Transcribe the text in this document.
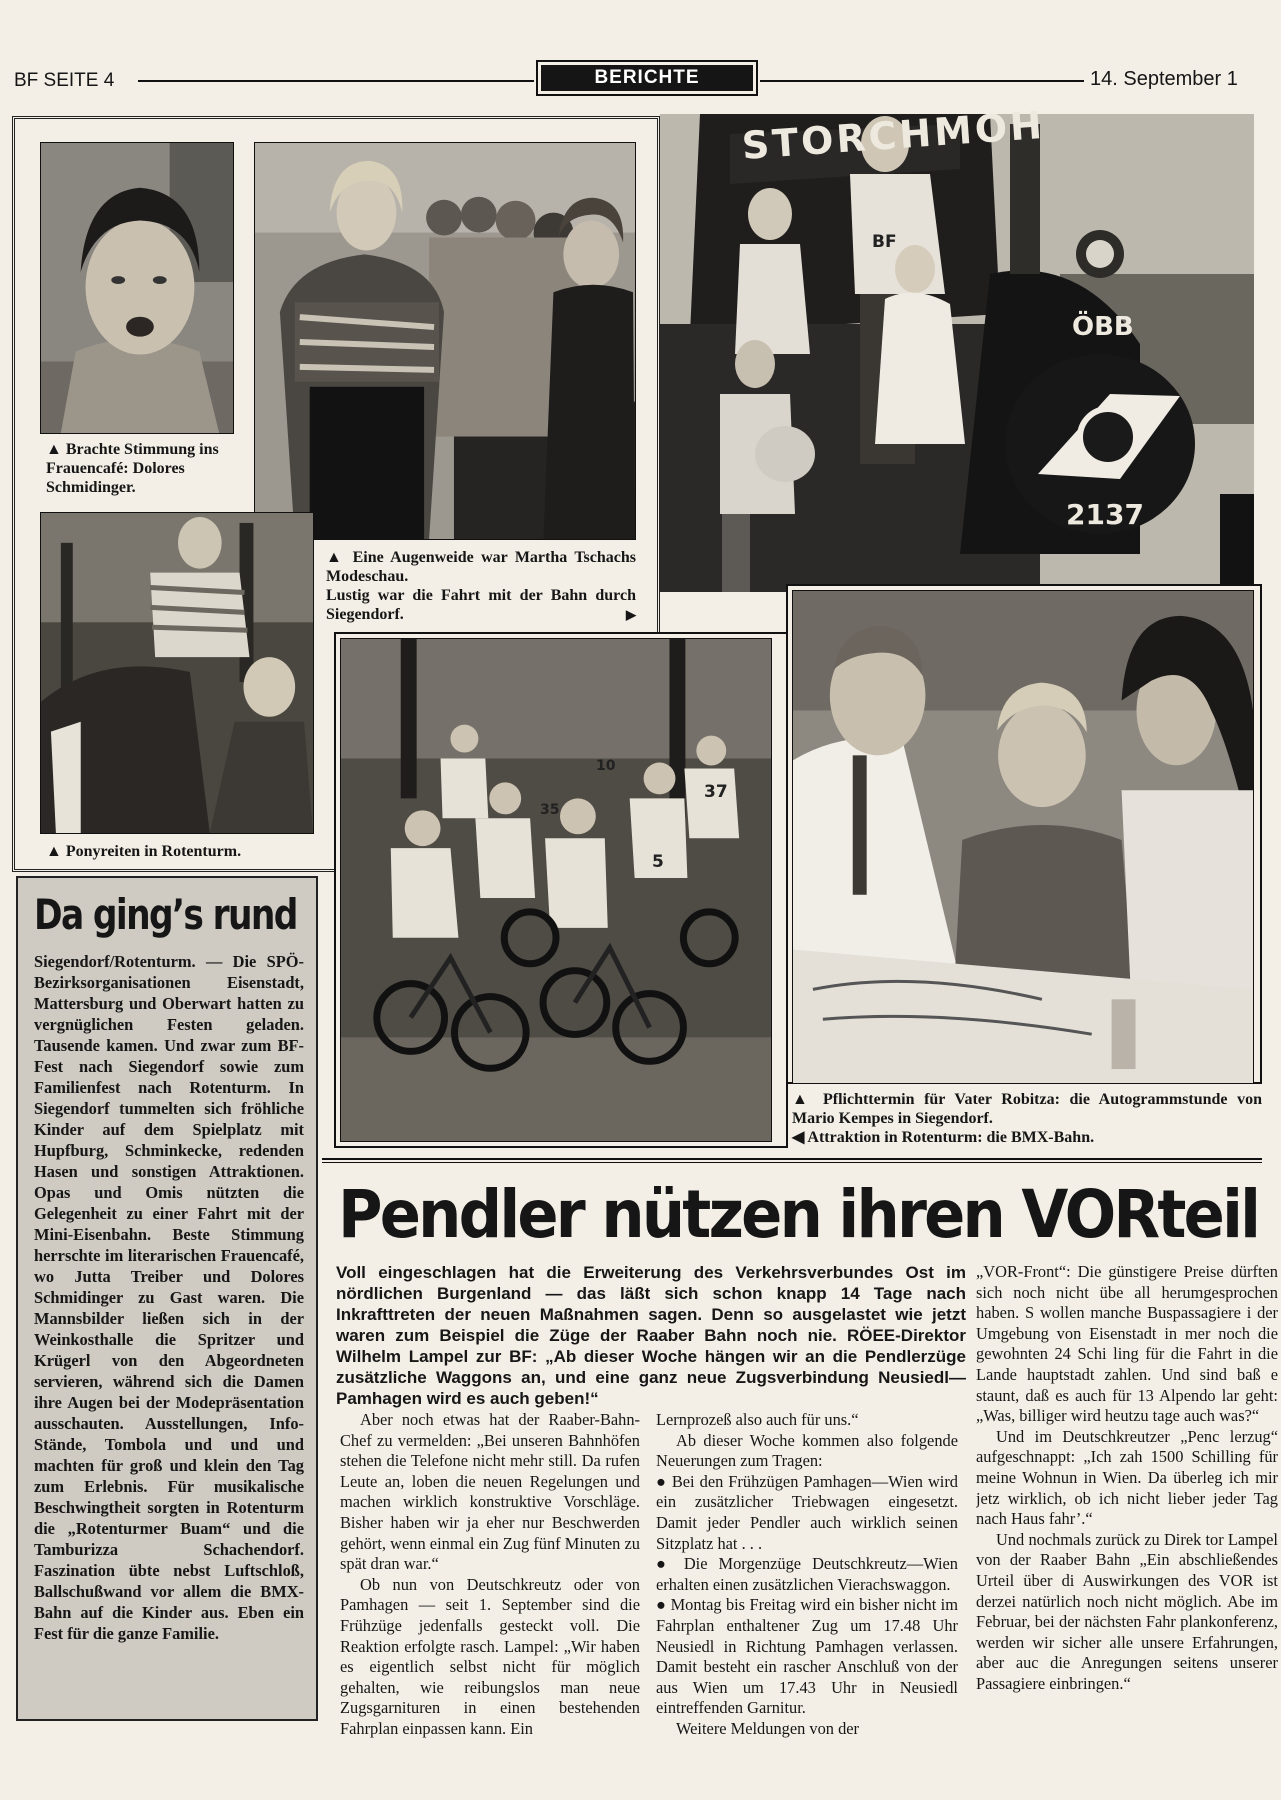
BF SEITE 4	BERICHTE	14. September 1
▲ Brachte Stimmung ins Frauencafé: Dolores Schmidinger.
▲ Eine Augenweide war Martha Tschachs Modeschau.
Lustig war die Fahrt mit der Bahn durch Siegendorf.	▶
STORCHMOH
BF
ÖBB
2137
▲ Ponyreiten in Rotenturm.
▲ Pflichttermin für Vater Robitza: die Autogrammstunde von Mario Kempes in Siegendorf.
◀ Attraktion in Rotenturm: die BMX-Bahn.
37
5
10
35
Da ging’s rund
Siegendorf/Rotenturm. — Die SPÖ-Bezirksorganisationen Eisenstadt, Mattersburg und Oberwart hatten zu vergnüglichen Festen geladen. Tausende kamen. Und zwar zum BF-Fest nach Siegendorf sowie zum Familienfest nach Rotenturm. In Siegendorf tummelten sich fröhliche Kinder auf dem Spielplatz mit Hupfburg, Schminkecke, redenden Hasen und sonstigen Attraktionen. Opas und Omis nützten die Gelegenheit zu einer Fahrt mit der Mini-Eisenbahn. Beste Stimmung herrschte im literarischen Frauencafé, wo Jutta Treiber und Dolores Schmidinger zu Gast waren. Die Mannsbilder ließen sich in der Weinkosthalle die Spritzer und Krügerl von den Abgeordneten servieren, während sich die Damen ihre Augen bei der Modepräsentation ausschauten. Ausstellungen, Info-Stände, Tombola und und und machten für groß und klein den Tag zum Erlebnis. Für musikalische Beschwingtheit sorgten in Rotenturm die „Rotenturmer Buam“ und die Tamburizza Schachendorf. Faszination übte nebst Luftschloß, Ballschußwand vor allem die BMX-Bahn auf die Kinder aus. Eben ein Fest für die ganze Familie.
Pendler nützen ihren VORteil
Voll eingeschlagen hat die Erweiterung des Verkehrsverbundes Ost im nördlichen Burgenland — das läßt sich schon knapp 14 Tage nach Inkrafttreten der neuen Maßnahmen sagen. Denn so ausgelastet wie jetzt waren zum Beispiel die Züge der Raaber Bahn noch nie. RÖEE-Direktor Wilhelm Lampel zur BF: „Ab dieser Woche hängen wir an die Pendlerzüge zusätzliche Waggons an, und eine ganz neue Zugsverbindung Neusiedl—Pamhagen wird es auch geben!“

Aber noch etwas hat der Raaber-Bahn-Chef zu vermelden: „Bei unseren Bahnhöfen stehen die Telefone nicht mehr still. Da rufen Leute an, loben die neuen Regelungen und machen wirklich konstruktive Vorschläge. Bisher haben wir ja eher nur Beschwerden gehört, wenn einmal ein Zug fünf Minuten zu spät dran war.“

Ob nun von Deutschkreutz oder von Pamhagen — seit 1. September sind die Frühzüge jedenfalls gesteckt voll. Die Reaktion erfolgte rasch. Lampel: „Wir haben es eigentlich selbst nicht für möglich gehalten, wie reibungslos man neue Zugsgarnituren in einen bestehenden Fahrplan einpassen kann. Ein

Lernprozeß also auch für uns.“

Ab dieser Woche kommen also folgende Neuerungen zum Tragen:

● Bei den Frühzügen Pamhagen—Wien wird ein zusätzlicher Triebwagen eingesetzt. Damit jeder Pendler auch wirklich seinen Sitzplatz hat . . .

● Die Morgenzüge Deutschkreutz—Wien erhalten einen zusätzlichen Vierachswaggon.

● Montag bis Freitag wird ein bisher nicht im Fahrplan enthaltener Zug um 17.48 Uhr Neusiedl in Richtung Pamhagen verlassen. Damit besteht ein rascher Anschluß von der aus Wien um 17.43 Uhr in Neusiedl eintreffenden Garnitur.

Weitere Meldungen von der

„VOR-Front“: Die günstigere Preise dürften sich noch nicht übe all herumgesprochen haben. S wollen manche Buspassagiere i der Umgebung von Eisenstadt in mer noch die gewohnten 24 Schi ling für die Fahrt in die Lande hauptstadt zahlen. Und sind baß e staunt, daß es auch für 13 Alpendo lar geht: „Was, billiger wird heutzu tage auch was?“

Und im Deutschkreutzer „Penc lerzug“ aufgeschnappt: „Ich zah 1500 Schilling für meine Wohnun in Wien. Da überleg ich mir jetz wirklich, ob ich nicht lieber jeder Tag nach Haus fahr’.“

Und nochmals zurück zu Direk tor Lampel von der Raaber Bahn „Ein abschließendes Urteil über di Auswirkungen des VOR ist derzei natürlich noch nicht möglich. Abe im Februar, bei der nächsten Fahr plankonferenz, werden wir sicher alle unsere Erfahrungen, aber auc die Anregungen seitens unserer Passagiere einbringen.“
